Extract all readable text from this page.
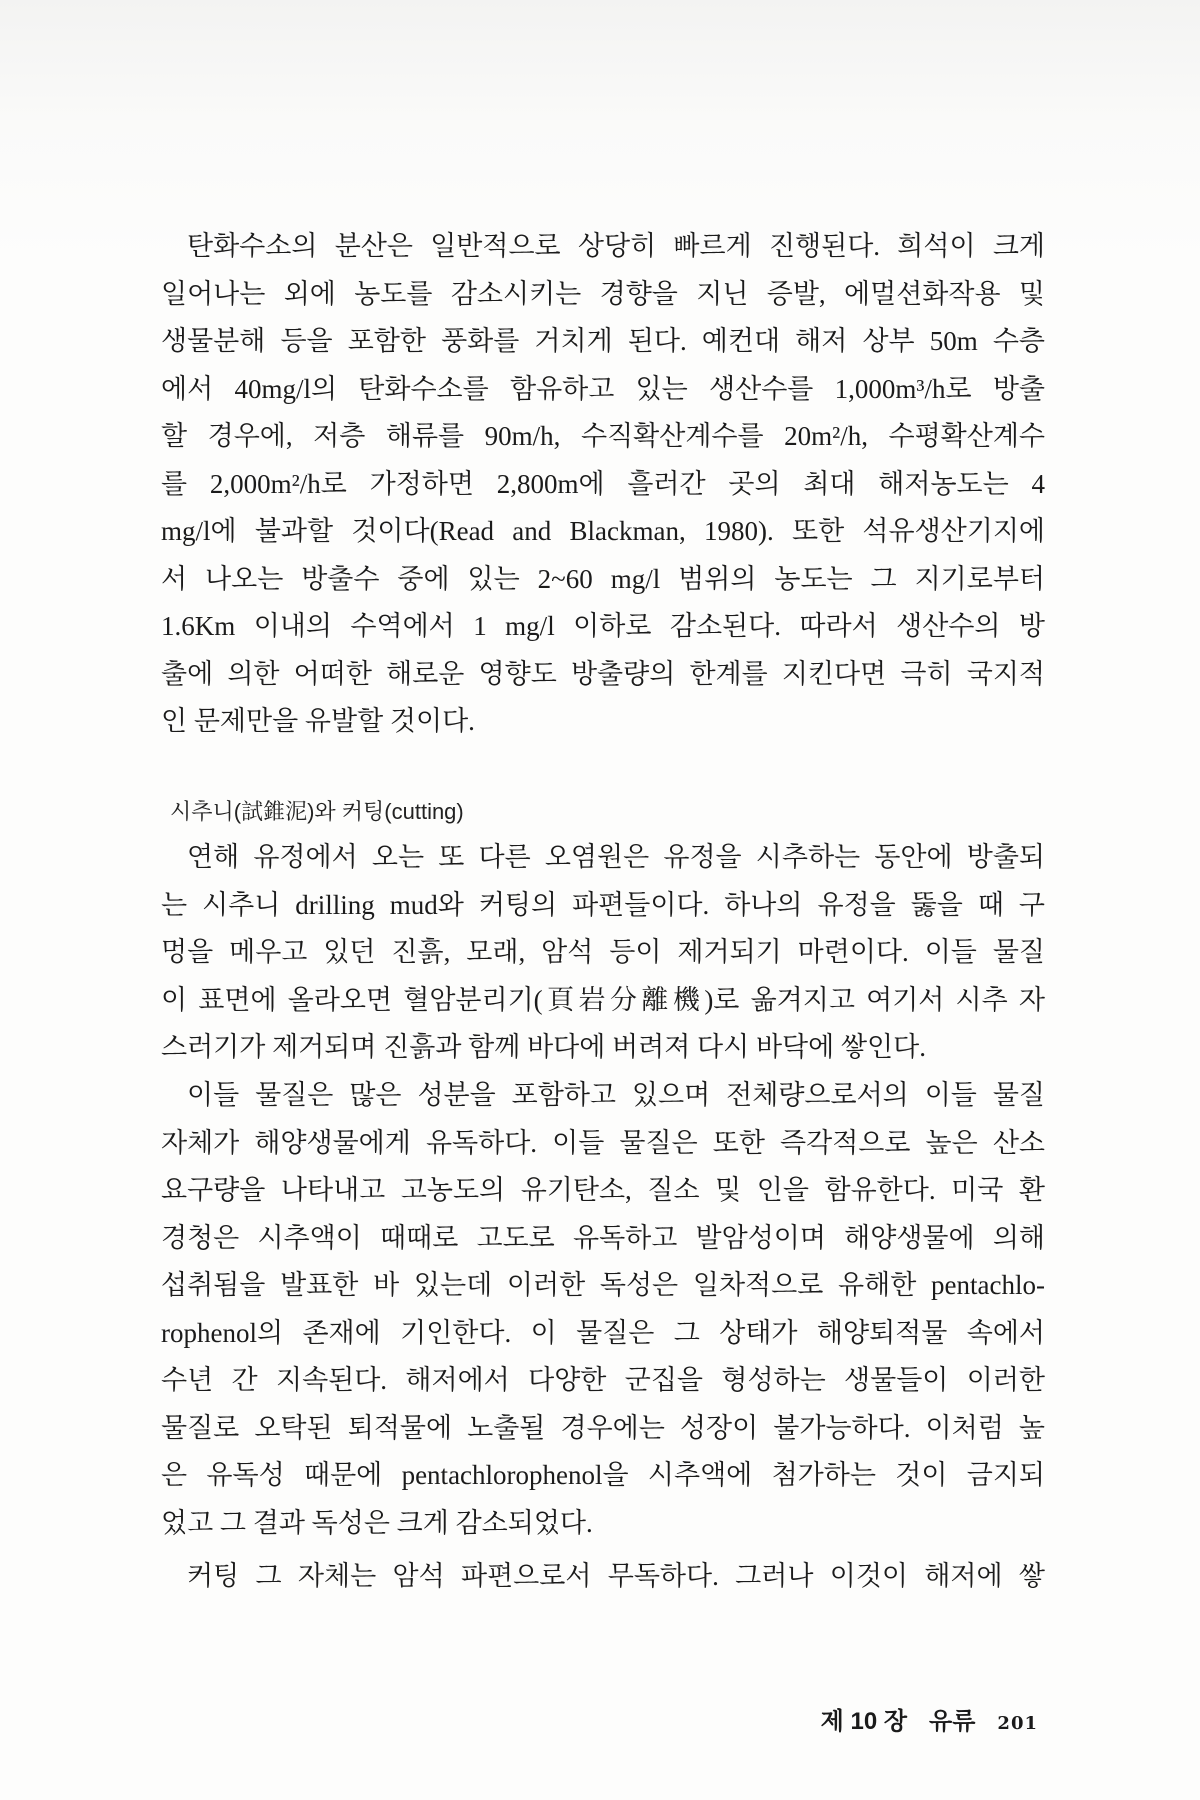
탄화수소의 분산은 일반적으로 상당히 빠르게 진행된다. 희석이 크게
일어나는 외에 농도를 감소시키는 경향을 지닌 증발, 에멀션화작용 및
생물분해 등을 포함한 풍화를 거치게 된다. 예컨대 해저 상부 50m 수층
에서 40mg/l의 탄화수소를 함유하고 있는 생산수를 1,000m³/h로 방출
할 경우에, 저층 해류를 90m/h, 수직확산계수를 20m²/h, 수평확산계수
를 2,000m²/h로 가정하면 2,800m에 흘러간 곳의 최대 해저농도는 4
mg/l에 불과할 것이다(Read and Blackman, 1980). 또한 석유생산기지에
서 나오는 방출수 중에 있는 2~60 mg/l 범위의 농도는 그 지기로부터
1.6Km 이내의 수역에서 1 mg/l 이하로 감소된다. 따라서 생산수의 방
출에 의한 어떠한 해로운 영향도 방출량의 한계를 지킨다면 극히 국지적
인 문제만을 유발할 것이다.
시추니(試錐泥)와 커팅(cutting)
연해 유정에서 오는 또 다른 오염원은 유정을 시추하는 동안에 방출되
는 시추니 drilling mud와 커팅의 파편들이다. 하나의 유정을 뚫을 때 구
멍을 메우고 있던 진흙, 모래, 암석 등이 제거되기 마련이다. 이들 물질
이 표면에 올라오면 혈암분리기(頁岩分離機)로 옮겨지고 여기서 시추 자
스러기가 제거되며 진흙과 함께 바다에 버려져 다시 바닥에 쌓인다.
이들 물질은 많은 성분을 포함하고 있으며 전체량으로서의 이들 물질
자체가 해양생물에게 유독하다. 이들 물질은 또한 즉각적으로 높은 산소
요구량을 나타내고 고농도의 유기탄소, 질소 및 인을 함유한다. 미국 환
경청은 시추액이 때때로 고도로 유독하고 발암성이며 해양생물에 의해
섭취됨을 발표한 바 있는데 이러한 독성은 일차적으로 유해한 pentachlo-
rophenol의 존재에 기인한다. 이 물질은 그 상태가 해양퇴적물 속에서
수년 간 지속된다. 해저에서 다양한 군집을 형성하는 생물들이 이러한
물질로 오탁된 퇴적물에 노출될 경우에는 성장이 불가능하다. 이처럼 높
은 유독성 때문에 pentachlorophenol을 시추액에 첨가하는 것이 금지되
었고 그 결과 독성은 크게 감소되었다.
커팅 그 자체는 암석 파편으로서 무독하다. 그러나 이것이 해저에 쌓
제 10 장 유류 201
